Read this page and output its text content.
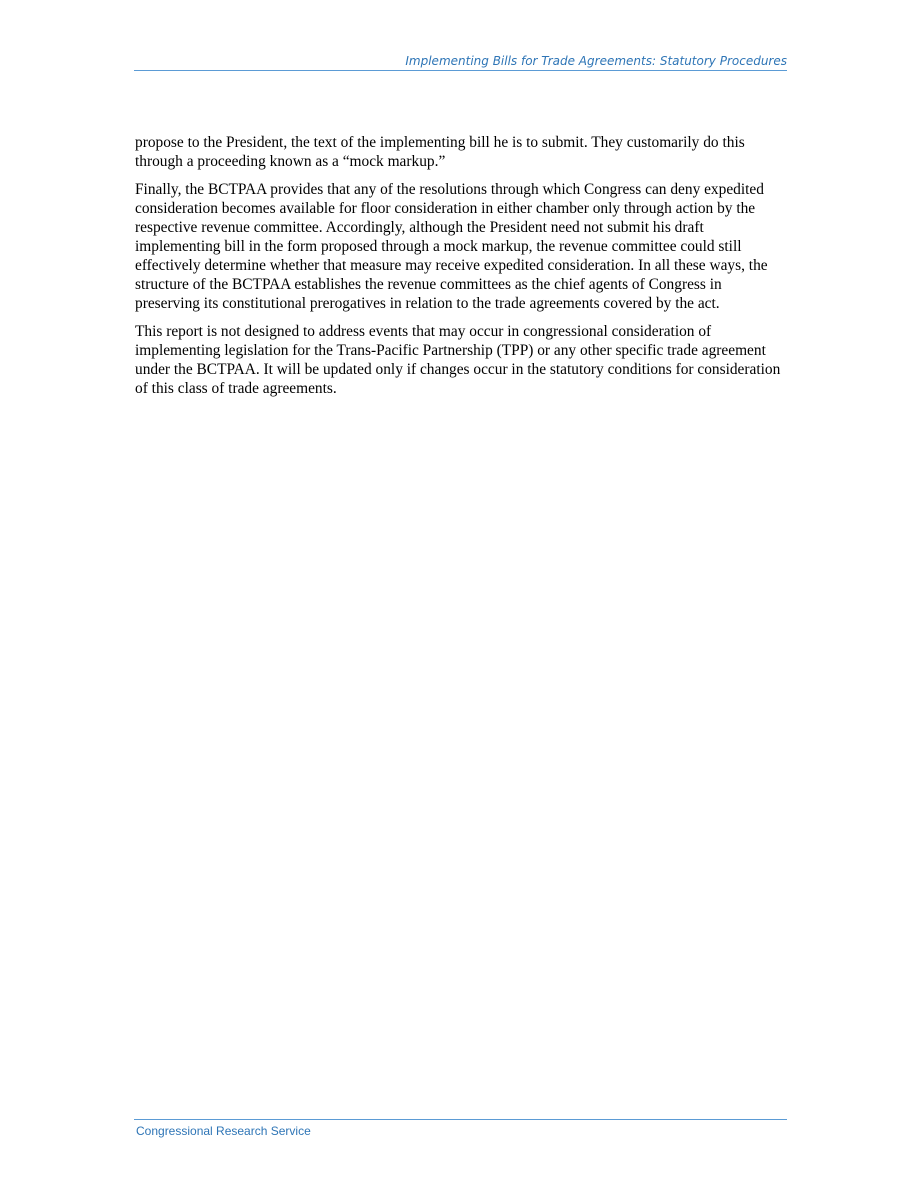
Implementing Bills for Trade Agreements: Statutory Procedures

propose to the President, the text of the implementing bill he is to submit. They customarily do this through a proceeding known as a “mock markup.”

Finally, the BCTPAA provides that any of the resolutions through which Congress can deny expedited consideration becomes available for floor consideration in either chamber only through action by the respective revenue committee. Accordingly, although the President need not submit his draft implementing bill in the form proposed through a mock markup, the revenue committee could still effectively determine whether that measure may receive expedited consideration. In all these ways, the structure of the BCTPAA establishes the revenue committees as the chief agents of Congress in preserving its constitutional prerogatives in relation to the trade agreements covered by the act.

This report is not designed to address events that may occur in congressional consideration of implementing legislation for the Trans-Pacific Partnership (TPP) or any other specific trade agreement under the BCTPAA. It will be updated only if changes occur in the statutory conditions for consideration of this class of trade agreements.

Congressional Research Service
